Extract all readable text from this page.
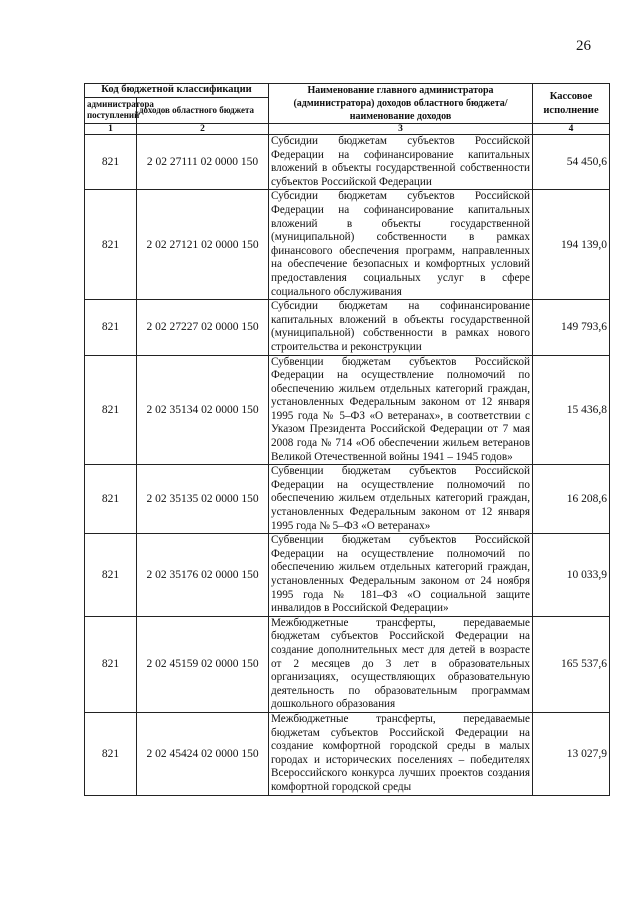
26
Код бюджетной классификации		Наименование главного администратора (администратора) доходов областного бюджета/ наименование доходов	Кассовое исполнение
администратора поступлений	доходов областного бюджета		
1	2	3	4
821	2 02 27111 02 0000 150	Субсидии бюджетам субъектов Российской Федерации на софинансирование капитальных вложений в объекты государственной собственности субъектов Российской Федерации	54 450,6
821	2 02 27121 02 0000 150	Субсидии бюджетам субъектов Российской Федерации на софинансирование капитальных вложений в объекты государственной (муниципальной) собственности в рамках финансового обеспечения программ, направленных на обеспечение безопасных и комфортных условий предоставления социальных услуг в сфере социального обслуживания	194 139,0
821	2 02 27227 02 0000 150	Субсидии бюджетам на софинансирование капитальных вложений в объекты государственной (муниципальной) собственности в рамках нового строительства и реконструкции	149 793,6
821	2 02 35134 02 0000 150	Субвенции бюджетам субъектов Российской Федерации на осуществление полномочий по обеспечению жильем отдельных категорий граждан, установленных Федеральным законом от 12 января 1995 года № 5–ФЗ «О ветеранах», в соответствии с Указом Президента Российской Федерации от 7 мая 2008 года № 714 «Об обеспечении жильем ветеранов Великой Отечественной войны 1941 – 1945 годов»	15 436,8
821	2 02 35135 02 0000 150	Субвенции бюджетам субъектов Российской Федерации на осуществление полномочий по обеспечению жильем отдельных категорий граждан, установленных Федеральным законом от 12 января 1995 года № 5–ФЗ «О ветеранах»	16 208,6
821	2 02 35176 02 0000 150	Субвенции бюджетам субъектов Российской Федерации на осуществление полномочий по обеспечению жильем отдельных категорий граждан, установленных Федеральным законом от 24 ноября 1995 года № 181–ФЗ «О социальной защите инвалидов в Российской Федерации»	10 033,9
821	2 02 45159 02 0000 150	Межбюджетные трансферты, передаваемые бюджетам субъектов Российской Федерации на создание дополнительных мест для детей в возрасте от 2 месяцев до 3 лет в образовательных организациях, осуществляющих образовательную деятельность по образовательным программам дошкольного образования	165 537,6
821	2 02 45424 02 0000 150	Межбюджетные трансферты, передаваемые бюджетам субъектов Российской Федерации на создание комфортной городской среды в малых городах и исторических поселениях – победителях Всероссийского конкурса лучших проектов создания комфортной городской среды	13 027,9
